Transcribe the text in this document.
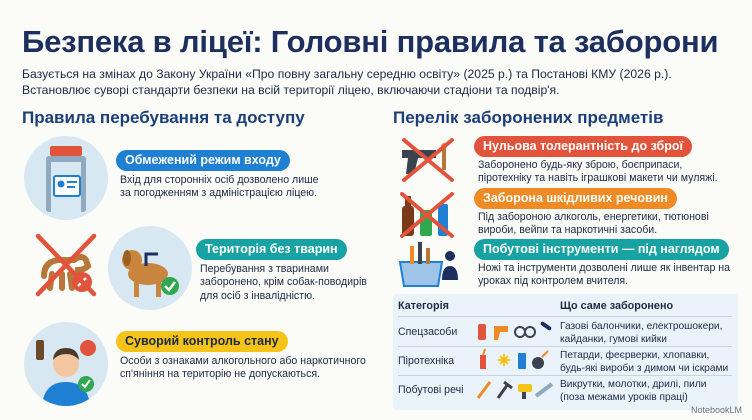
Безпека в ліцеї: Головні правила та заборони
Базується на змінах до Закону України «Про повну загальну середню освіту» (2025 р.) та Постанові КМУ (2026 р.). Встановлює суворі стандарти безпеки на всій території ліцею, включаючи стадіони та подвір'я.
Правила перебування та доступу	Перелік заборонених предметів
Обмежений режим входу
Вхід для сторонніх осіб дозволено лише за погодженням з адміністрацією ліцею.
Територія без тварин
Перебування з тваринами заборонено, крім собак-поводирів для осіб з інвалідністю.
Суворий контроль стану
Особи з ознаками алкогольного або наркотичного сп'яніння на територію не допускаються.
Нульова толерантність до зброї
Заборонено будь-яку зброю, боєприпаси, піротехніку та навіть іграшкові макети чи муляжі.
Заборона шкідливих речовин
Під забороною алкоголь, енергетики, тютюнові вироби, вейпи та наркотичні засоби.
Побутові інструменти — під наглядом
Ножі та інструменти дозволені лише як інвентар на уроках під контролем вчителя.
Категорія	Що саме заборонено
Спецзасоби	Газові балончики, електрошокери, кайданки, гумові кийки
Піротехніка	Петарди, феєрверки, хлопавки, будь-які вироби з димом чи іскрами
Побутові речі	Викрутки, молотки, дрилі, пили (поза межами уроків праці)
NotebookLM
